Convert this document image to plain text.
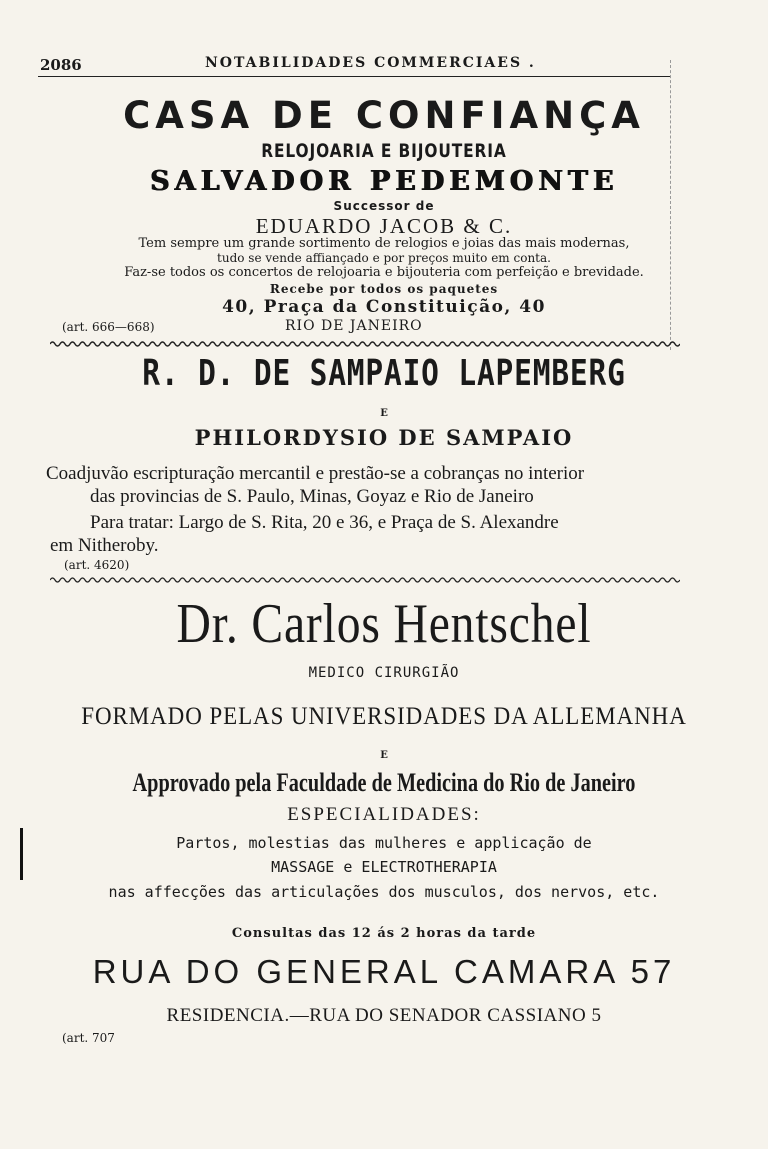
2086	NOTABILIDADES COMMERCIAES .
CASA DE CONFIANÇA
RELOJOARIA E BIJOUTERIA
SALVADOR PEDEMONTE
Successor de
EDUARDO JACOB & C.
Tem sempre um grande sortimento de relogios e joias das mais modernas,
tudo se vende affiançado e por preços muito em conta.
Faz-se todos os concertos de relojoaria e bijouteria com perfeição e brevidade.
Recebe por todos os paquetes
40, Praça da Constituição, 40
(art. 666—668)	RIO DE JANEIRO
R. D. DE SAMPAIO LAPEMBERG
E
PHILORDYSIO DE SAMPAIO
Coadjuvão escripturação mercantil e prestão-se a cobranças no interior
das provincias de S. Paulo, Minas, Goyaz e Rio de Janeiro
Para tratar: Largo de S. Rita, 20 e 36, e Praça de S. Alexandre
em Nitheroby.
(art. 4620)
Dr. Carlos Hentschel
MEDICO CIRURGIÃO
FORMADO PELAS UNIVERSIDADES DA ALLEMANHA
E
Approvado pela Faculdade de Medicina do Rio de Janeiro
ESPECIALIDADES:
Partos, molestias das mulheres e applicação de
MASSAGE e ELECTROTHERAPIA
nas affecções das articulações dos musculos, dos nervos, etc.
Consultas das 12 ás 2 horas da tarde
RUA DO GENERAL CAMARA 57
RESIDENCIA.—RUA DO SENADOR CASSIANO 5
(art. 707
